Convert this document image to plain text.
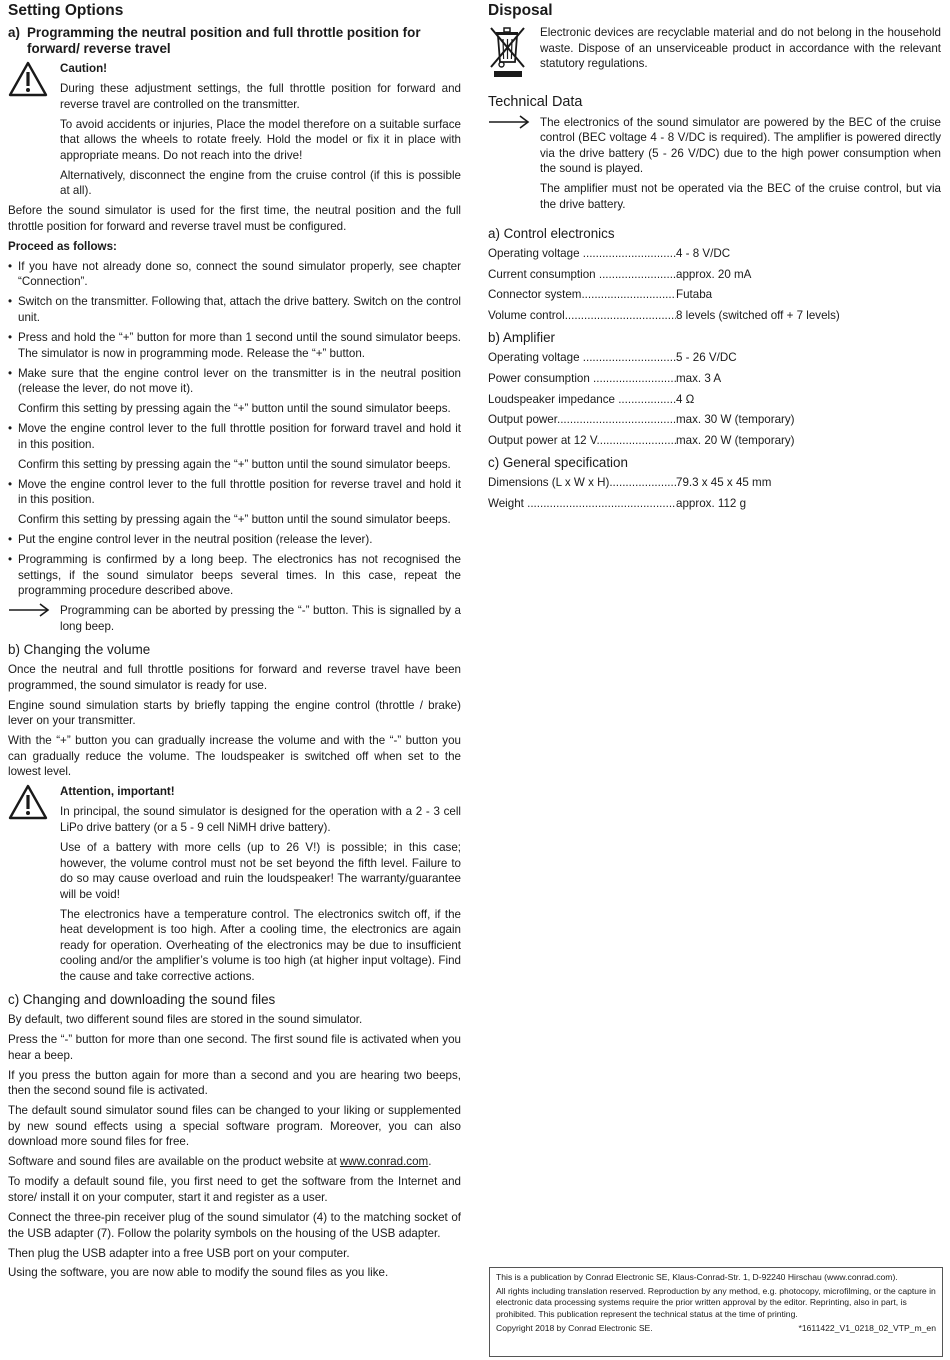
Setting Options
a) Programming the neutral position and full throttle position for forward/ reverse travel

Caution!

During these adjustment settings, the full throttle position for forward and reverse travel are controlled on the transmitter.

To avoid accidents or injuries, Place the model therefore on a suitable surface that allows the wheels to rotate freely. Hold the model or fix it in place with appropriate means. Do not reach into the drive!

Alternatively, disconnect the engine from the cruise control (if this is possible at all).

Before the sound simulator is used for the first time, the neutral position and the full throttle position for forward and reverse travel must be configured.

Proceed as follows:

• If you have not already done so, connect the sound simulator properly, see chapter “Connection”.
• Switch on the transmitter. Following that, attach the drive battery. Switch on the control unit.
• Press and hold the “+” button for more than 1 second until the sound simulator beeps. The simulator is now in programming mode. Release the “+” button.
• Make sure that the engine control lever on the transmitter is in the neutral position (release the lever, do not move it).

Confirm this setting by pressing again the “+” button until the sound simulator beeps.

• Move the engine control lever to the full throttle position for forward travel and hold it in this position.

Confirm this setting by pressing again the “+” button until the sound simulator beeps.

• Move the engine control lever to the full throttle position for reverse travel and hold it in this position.

Confirm this setting by pressing again the “+” button until the sound simulator beeps.

• Put the engine control lever in the neutral position (release the lever).
• Programming is confirmed by a long beep. The electronics has not recognised the settings, if the sound simulator beeps several times. In this case, repeat the programming procedure described above.

Programming can be aborted by pressing the “-” button. This is signalled by a long beep.

b) Changing the volume

Once the neutral and full throttle positions for forward and reverse travel have been programmed, the sound simulator is ready for use.

Engine sound simulation starts by briefly tapping the engine control (throttle / brake) lever on your transmitter.

With the “+” button you can gradually increase the volume and with the “-” button you can gradually reduce the volume. The loudspeaker is switched off when set to the lowest level.

Attention, important!

In principal, the sound simulator is designed for the operation with a 2 - 3 cell LiPo drive battery (or a 5 - 9 cell NiMH drive battery).

Use of a battery with more cells (up to 26 V!) is possible; in this case; however, the volume control must not be set beyond the fifth level. Failure to do so may cause overload and ruin the loudspeaker! The warranty/guarantee will be void!

The electronics have a temperature control. The electronics switch off, if the heat development is too high. After a cooling time, the electronics are again ready for operation. Overheating of the electronics may be due to insufficient cooling and/or the amplifier’s volume is too high (at higher input voltage). Find the cause and take corrective actions.

c) Changing and downloading the sound files

By default, two different sound files are stored in the sound simulator.

Press the “-” button for more than one second. The first sound file is activated when you hear a beep.

If you press the button again for more than a second and you are hearing two beeps, then the second sound file is activated.

The default sound simulator sound files can be changed to your liking or supplemented by new sound effects using a special software program. Moreover, you can also download more sound files for free.

Software and sound files are available on the product website at www.conrad.com.

To modify a default sound file, you first need to get the software from the Internet and store/ install it on your computer, start it and register as a user.

Connect the three-pin receiver plug of the sound simulator (4) to the matching socket of the USB adapter (7). Follow the polarity symbols on the housing of the USB adapter.

Then plug the USB adapter into a free USB port on your computer.

Using the software, you are now able to modify the sound files as you like.

Disposal

Electronic devices are recyclable material and do not belong in the household waste. Dispose of an unserviceable product in accordance with the relevant statutory regulations.

Technical Data

The electronics of the sound simulator are powered by the BEC of the cruise control (BEC voltage 4 - 8 V/DC is required). The amplifier is powered directly via the drive battery (5 - 26 V/DC) due to the high power consumption when the sound is played.

The amplifier must not be operated via the BEC of the cruise control, but via the drive battery.

a) Control electronics
Operating voltage .....	4 - 8 V/DC
Current consumption .....	approx. 20 mA
Connector system .....	Futaba
Volume control .....	8 levels (switched off + 7 levels)
b) Amplifier
Operating voltage .....	5 - 26 V/DC
Power consumption .....	max. 3 A
Loudspeaker impedance .....	4 Ω
Output power .....	max. 30 W (temporary)
Output power at 12 V .....	max. 20 W (temporary)
c) General specification
Dimensions (L x W x H) .....	79.3 x 45 x 45 mm
Weight .....	approx. 112 g

This is a publication by Conrad Electronic SE, Klaus-Conrad-Str. 1, D-92240 Hirschau (www.conrad.com).

All rights including translation reserved. Reproduction by any method, e.g. photocopy, microfilming, or the capture in electronic data processing systems require the prior written approval by the editor. Reprinting, also in part, is prohibited. This publication represent the technical status at the time of printing.

Copyright 2018 by Conrad Electronic SE.	*1611422_V1_0218_02_VTP_m_en
